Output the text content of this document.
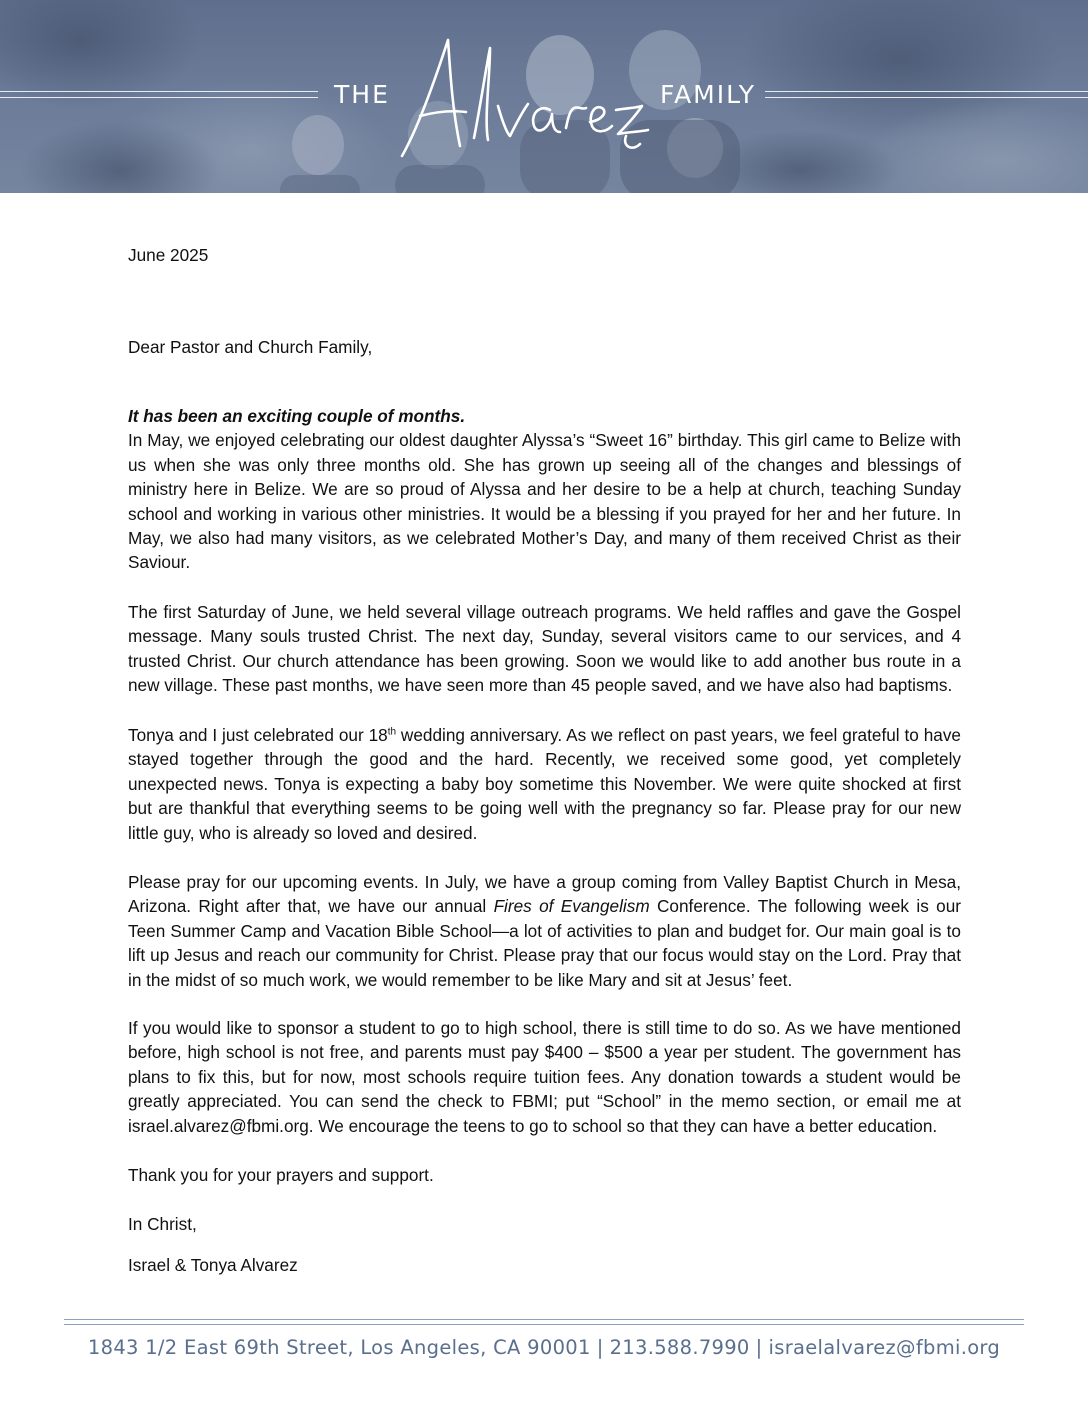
THE	FAMILY

June 2025

Dear Pastor and Church Family,

It has been an exciting couple of months.

In May, we enjoyed celebrating our oldest daughter Alyssa’s “Sweet 16” birthday. This girl came to Belize with us when she was only three months old. She has grown up seeing all of the changes and blessings of ministry here in Belize. We are so proud of Alyssa and her desire to be a help at church, teaching Sunday school and working in various other ministries. It would be a blessing if you prayed for her and her future. In May, we also had many visitors, as we celebrated Mother’s Day, and many of them received Christ as their Saviour.

The first Saturday of June, we held several village outreach programs. We held raffles and gave the Gospel message. Many souls trusted Christ. The next day, Sunday, several visitors came to our services, and 4 trusted Christ. Our church attendance has been growing. Soon we would like to add another bus route in a new village. These past months, we have seen more than 45 people saved, and we have also had baptisms.

Tonya and I just celebrated our 18th wedding anniversary. As we reflect on past years, we feel grateful to have stayed together through the good and the hard. Recently, we received some good, yet completely unexpected news. Tonya is expecting a baby boy sometime this November. We were quite shocked at first but are thankful that everything seems to be going well with the pregnancy so far. Please pray for our new little guy, who is already so loved and desired.

Please pray for our upcoming events. In July, we have a group coming from Valley Baptist Church in Mesa, Arizona. Right after that, we have our annual Fires of Evangelism Conference. The following week is our Teen Summer Camp and Vacation Bible School—a lot of activities to plan and budget for. Our main goal is to lift up Jesus and reach our community for Christ. Please pray that our focus would stay on the Lord. Pray that in the midst of so much work, we would remember to be like Mary and sit at Jesus’ feet.

If you would like to sponsor a student to go to high school, there is still time to do so. As we have mentioned before, high school is not free, and parents must pay $400 – $500 a year per student. The government has plans to fix this, but for now, most schools require tuition fees. Any donation towards a student would be greatly appreciated. You can send the check to FBMI; put “School” in the memo section, or email me at israel.alvarez@fbmi.org. We encourage the teens to go to school so that they can have a better education.

Thank you for your prayers and support.

In Christ,

Israel & Tonya Alvarez

1843 1/2 East 69th Street, Los Angeles, CA 90001 | 213.588.7990 | israelalvarez@fbmi.org
